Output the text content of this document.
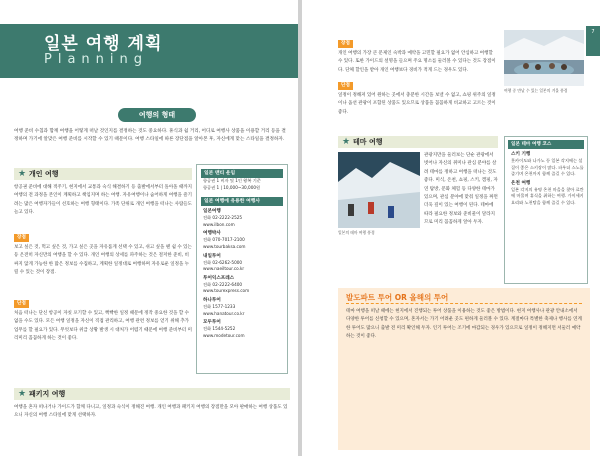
일본 여행 계획
Planning
여행의 형태
여행 준비 수칩과 함께 여행을 어떻게 떠날 것인지를 결정하는 것도 중요하다. 휴식과 쉴 거리, 어디로 여행사 상품을 이용할 거리 등을 결정하며 가기에 알맞은 여행 준비를 시작할 수 있기 때문이다. 여행 스타일에 따른 장단점을 알아본 후, 자신에게 맞는 스타일을 결정하자.
★ 개인 여행
항공권 준비에 대해 적주기, 현지에서 교통과 숙식 해결하기 등 출발에서부터 돌아올 때까지 여행의 전 과정을 본인이 계획하고 책임지며 하는 여행. 자유여행이나 숨어하게 여행을 즐기려는 많은 여행자가들이 선호하는 여행 형태이다. 가족 단위로 개인 여행을 떠나는 사람들도 늘고 있다.
장점
보고 싶은 것, 먹고 싶은 것, 가고 싶은 곳을 자유롭게 선택 수 있고, 쉬고 싶을 땐 쉴 수 있는 등 온전히 자신만의 여행을 할 수 있다. 개인 여행의 상세를 파주하는 것은 철저한 준비, 비싸지 않게 가능한 한 많은 정보를 수집하고, 계획한 일정대로 여행하며 자유로운 일정을 누릴 수 있는 것이 장점.
단점
처음 떠나는 단신 항공이 자칫 포기할 수 있고, 빡빡한 일정 때문에 정작 중요한 것을 할 수 없을 수도 있다. 모든 여행 일정을 자신이 직접 관리하고, 여행 관련 정보를 얻기 위해 추가 업무를 할 필요가 있다. 무엇보다 위급 상황 발생 시 대처가 어렵기 때문에 여행 준비부터 미리미리 꼼꼼하게 하는 것이 좋다.
★ 패키지 여행
여행을 혼자 떠나거나 가이드가 함께 다니고, 일정과 숙식이 정해진 여행. 개인 여행과 패키지 여행의 장점만을 모아 판매하는 여행 상품도 있으니 자신의 여행 스타일에 맞게 선택하자.
일본 맨티 운임
항공권 1 비자 및 1인 왕복 기준
항공권 1 | 10,000~30,000원
일본 여행에 유용한 여행사
일본여행
전화 02-2222-2525
www.ilbon.com
여행박사
전화 070-7017-2100
www.tourbaksa.com
내일투어
전화 02-6262-5000
www.naeiltour.co.kr
투어익스프레스
전화 02-2222-6400
www.tourexpress.com
하나투어
전화 1577-1233
www.hanatour.co.kr
모두투어
전화 1544-5252
www.modetour.com
7
장점
개인 여행의 가장 큰 문제인 숙박과 예약을 고민할 필요가 없어 안심하고 여행할 수 있다. 또한 가이드의 설명을 들으며 주요 명소를 둘러볼 수 있다는 것도 장점이다. 단체 할인을 받아 개인 여행보다 경비가 적게 드는 경우도 있다.
단점
일정이 정해져 있어 원하는 곳에서 충분한 시간을 보낼 수 없고, 쇼핑 위주의 일정이나 옵션 관광이 포함된 상품도 있으므로 상품을 꼼꼼하게 비교하고 고르는 것이 좋다.
여행 중 만날 수 있는 일본의 겨울 풍경
★ 테마 여행
일본의 테마 여행 풍경
관광지만을 둘러보는 단순 관광에서 벗어나 자신의 취미나 관심 분야를 살려 테마를 정하고 여행을 떠나는 것도 좋다. 미식, 온천, 쇼핑, 스키, 캠핑, 자연 탐방, 문화 체험 등 다양한 테마가 있으며, 관심 분야에 맞춰 일정을 짜면 더욱 깊이 있는 여행이 된다. 테마에 따라 필요한 정보와 준비물이 달라지므로 미리 꼼꼼하게 알아 두자.
일본 테마 여행 코스
스키 기행
홋카이도와 나가노 등 일본 각지에는 설질이 좋은 스키장이 많다. 파우더 스노를 즐기며 온천까지 함께 즐길 수 있다.
온천 여행
일본 각지의 유명 온천 마을을 찾아 료칸에 머물며 휴식을 취하는 여행. 가이세키 요리와 노천탕을 함께 즐길 수 있다.
발도파트 투어 OR 올해의 투어
테마 여행을 떠날 때에는 현지에서 진행되는 투어 상품을 이용하는 것도 좋은 방법이다. 현지 여행사나 관광 안내소에서 다양한 투어를 신청할 수 있으며, 혼자서는 가기 어려운 곳도 편하게 둘러볼 수 있다. 계절마다 특별한 축제나 행사를 연계한 투어도 많으니 출발 전 미리 확인해 두자. 인기 투어는 조기에 마감되는 경우가 있으므로 일정이 정해지면 서둘러 예약하는 것이 좋다.
